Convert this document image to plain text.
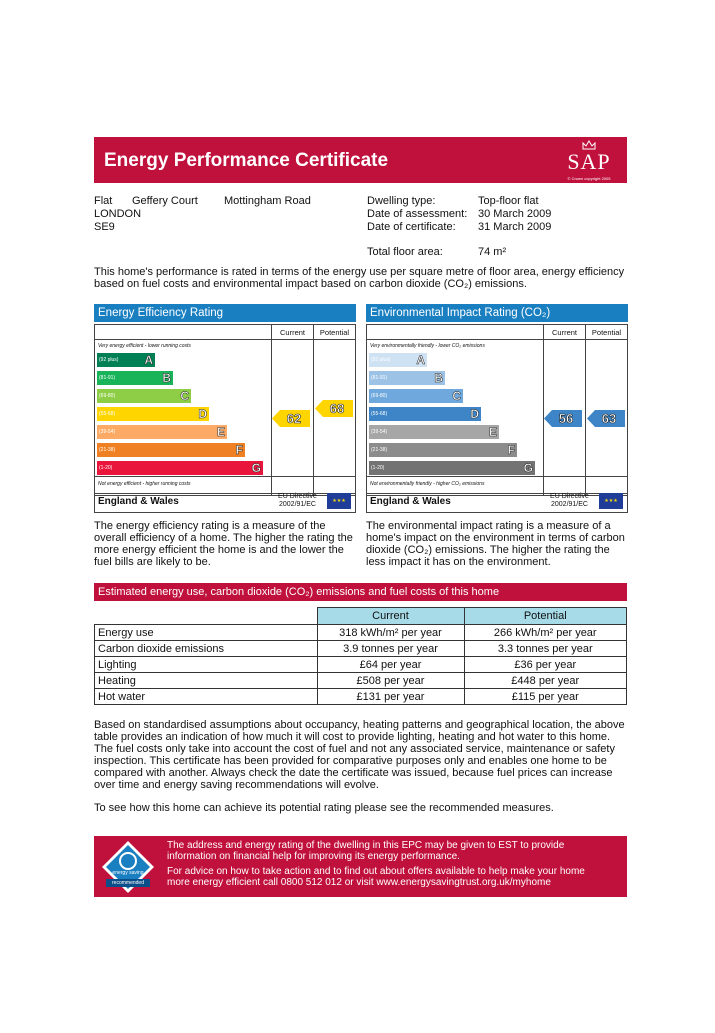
Energy Performance Certificate	SAP
© Crown copyright 2005
Flat Geffery Court Mottingham Road
LONDON
SE9
Dwelling type:	Top-floor flat
Date of assessment: 30 March 2009
Date of certificate: 31 March 2009
Total floor area:	74 m²
This home's performance is rated in terms of the energy use per square metre of floor area, energy efficiency based on fuel costs and environmental impact based on carbon dioxide (CO₂) emissions.
Energy Efficiency Rating
Current	Potential
Very energy efficient - lower running costs
Not energy efficient - higher running costs
(92 plus) A
(81-91)	B
(69-80)	C
(55-68)	D
(39-54)	E
(21-38)	F
(1-20)	G
62
68
England & Wales	EU Directive 2002/91/EC	★★★
Environmental Impact Rating (CO₂)
Current	Potential
Very environmentally friendly - lower CO₂ emissions
Not environmentally friendly - higher CO₂ emissions
(92 plus) A
(81-91)	B
(69-80)	C
(55-68)	D
(39-54)	E
(21-38)	F
(1-20)	G
56	63
England & Wales	EU Directive 2002/91/EC	★★★
The energy efficiency rating is a measure of the overall efficiency of a home. The higher the rating the more energy efficient the home is and the lower the fuel bills are likely to be.
The environmental impact rating is a measure of a home's impact on the environment in terms of carbon dioxide (CO₂) emissions. The higher the rating the less impact it has on the environment.
Estimated energy use, carbon dioxide (CO₂) emissions and fuel costs of this home
	Current	Potential
Energy use	318 kWh/m² per year	266 kWh/m² per year
Carbon dioxide emissions	3.9 tonnes per year	3.3 tonnes per year
Lighting	£64 per year	£36 per year
Heating	£508 per year	£448 per year
Hot water	£131 per year	£115 per year
Based on standardised assumptions about occupancy, heating patterns and geographical location, the above table provides an indication of how much it will cost to provide lighting, heating and hot water to this home. The fuel costs only take into account the cost of fuel and not any associated service, maintenance or safety inspection. This certificate has been provided for comparative purposes only and enables one home to be compared with another. Always check the date the certificate was issued, because fuel prices can increase over time and energy saving recommendations will evolve.
To see how this home can achieve its potential rating please see the recommended measures.
energy saving
recommended
The address and energy rating of the dwelling in this EPC may be given to EST to provide
information on financial help for improving its energy performance.
For advice on how to take action and to find out about offers available to help make your home
more energy efficient call 0800 512 012 or visit www.energysavingtrust.org.uk/myhome
